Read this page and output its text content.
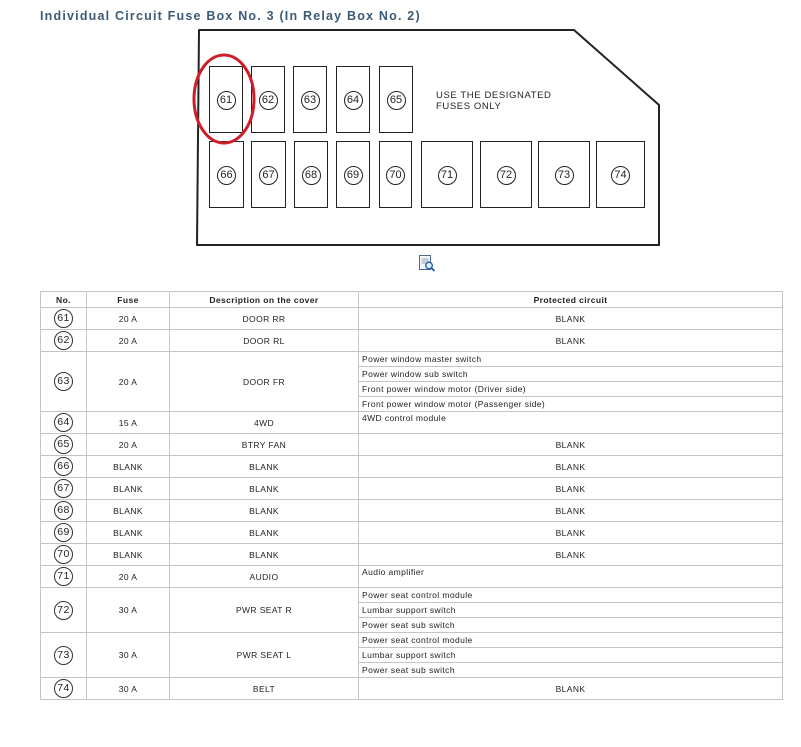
Individual Circuit Fuse Box No. 3 (In Relay Box No. 2)
61	62	63	64	65
66	67	68	69	70	71	72	73	74
USE THE DESIGNATED
FUSES ONLY
No.	Fuse	Description on the cover	Protected circuit
61	20 A	DOOR RR	BLANK
62	20 A	DOOR RL	BLANK
63	20 A	DOOR FR	Power window master switch
			Power window sub switch
			Front power window motor (Driver side)
			Front power window motor (Passenger side)
64	15 A	4WD	4WD control module
65	20 A	BTRY FAN	BLANK
66	BLANK	BLANK	BLANK
67	BLANK	BLANK	BLANK
68	BLANK	BLANK	BLANK
69	BLANK	BLANK	BLANK
70	BLANK	BLANK	BLANK
71	20 A	AUDIO	Audio amplifier
72	30 A	PWR SEAT R	Power seat control module
			Lumbar support switch
			Power seat sub switch
73	30 A	PWR SEAT L	Power seat control module
			Lumbar support switch
			Power seat sub switch
74	30 A	BELT	BLANK
